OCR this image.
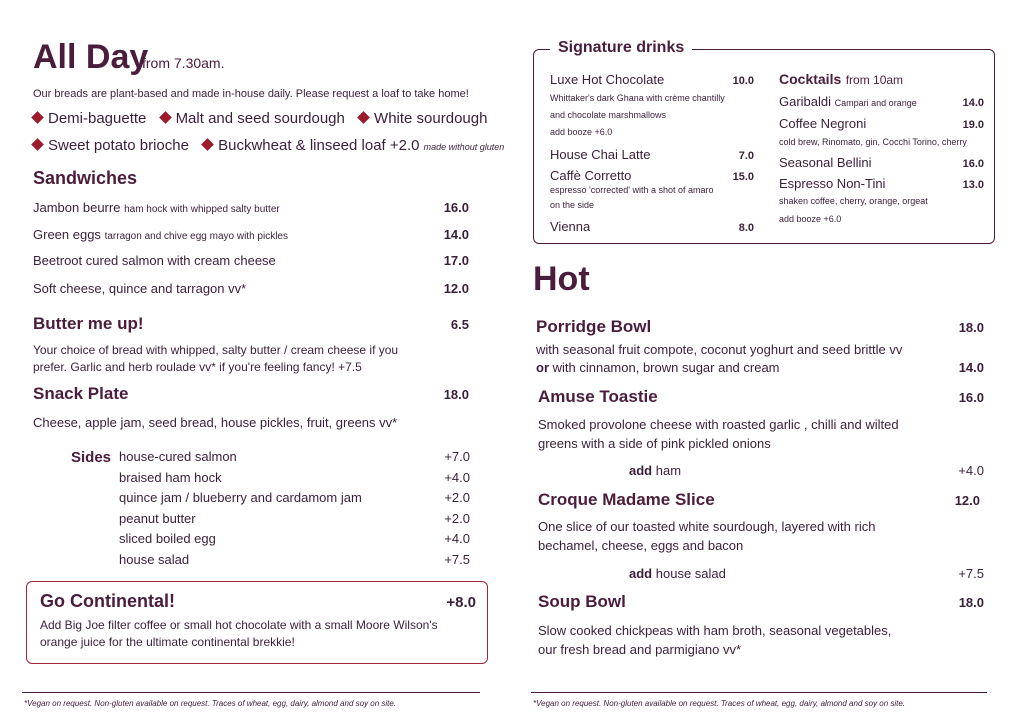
All Day
from 7.30am.
Our breads are plant-based and made in-house daily. Please request a loaf to take home!
Demi-baguette Malt and seed sourdough White sourdough
Sweet potato brioche Buckwheat & linseed loaf +2.0 made without gluten
Sandwiches
Jambon beurre ham hock with whipped salty butter	16.0
Green eggs tarragon and chive egg mayo with pickles	14.0
Beetroot cured salmon with cream cheese	17.0
Soft cheese, quince and tarragon vv*	12.0
Butter me up!	6.5
Your choice of bread with whipped, salty butter / cream cheese if you
prefer. Garlic and herb roulade vv* if you're feeling fancy! +7.5
Snack Plate	18.0
Cheese, apple jam, seed bread, house pickles, fruit, greens vv*
Sides house-cured salmon	+7.0
braised ham hock	+4.0
quince jam / blueberry and cardamom jam	+2.0
peanut butter	+2.0
sliced boiled egg	+4.0
house salad	+7.5
Go Continental!	+8.0
Add Big Joe filter coffee or small hot chocolate with a small Moore Wilson's
orange juice for the ultimate continental brekkie!
*Vegan on request. Non-gluten available on request. Traces of wheat, egg, dairy, almond and soy on site.
Signature drinks
Luxe Hot Chocolate	10.0
Whittaker's dark Ghana with crème chantilly
and chocolate marshmallows
add booze +6.0
House Chai Latte	7.0
Caffè Corretto	15.0
espresso 'corrected' with a shot of amaro
on the side
Vienna	8.0
Cocktails from 10am
Garibaldi Campari and orange	14.0
Coffee Negroni	19.0
cold brew, Rinomato, gin, Cocchi Torino, cherry
Seasonal Bellini	16.0
Espresso Non-Tini	13.0
shaken coffee, cherry, orange, orgeat
add booze +6.0
Hot
Porridge Bowl	18.0
with seasonal fruit compote, coconut yoghurt and seed brittle vv
or with cinnamon, brown sugar and cream	14.0
Amuse Toastie	16.0
Smoked provolone cheese with roasted garlic , chilli and wilted
greens with a side of pink pickled onions
add ham	+4.0
Croque Madame Slice	12.0
One slice of our toasted white sourdough, layered with rich
bechamel, cheese, eggs and bacon
add house salad	+7.5
Soup Bowl	18.0
Slow cooked chickpeas with ham broth, seasonal vegetables,
our fresh bread and parmigiano vv*
*Vegan on request. Non-gluten available on request. Traces of wheat, egg, dairy, almond and soy on site.
